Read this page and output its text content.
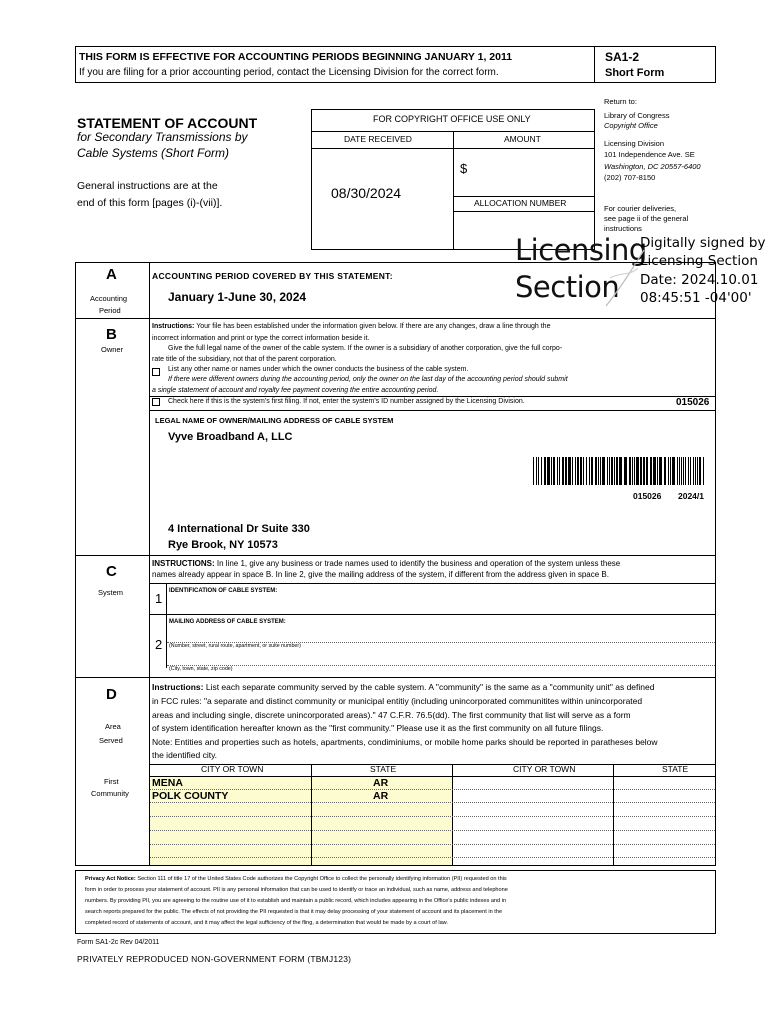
THIS FORM IS EFFECTIVE FOR ACCOUNTING PERIODS BEGINNING JANUARY 1, 2011
If you are filing for a prior accounting period, contact the Licensing Division for the correct form.
SA1-2
Short Form
STATEMENT OF ACCOUNT
for Secondary Transmissions by
Cable Systems (Short Form)
General instructions are at the
end of this form [pages (i)-(vii)].
FOR COPYRIGHT OFFICE USE ONLY
DATE RECEIVED	AMOUNT
$
08/30/2024
ALLOCATION NUMBER
Return to:
Library of Congress
Copyright Office
Licensing Division
101 Independence Ave. SE
Washington, DC 20557-6400
(202) 707-8150
For courier deliveries,
see page ii of the general
instructions
Licensing
Section
Digitally signed by
Licensing Section
Date: 2024.10.01
08:45:51 -04'00'
A
Accounting
Period
ACCOUNTING PERIOD COVERED BY THIS STATEMENT:
January 1-June 30, 2024
B
Owner
Instructions: Your file has been established under the information given below. If there are any changes, draw a line through the
incorrect information and print or type the correct information beside it.
Give the full legal name of the owner of the cable system. If the owner is a subsidiary of another corporation, give the full corpo-
rate title of the subsidiary, not that of the parent corporation.
List any other name or names under which the owner conducts the business of the cable system.
If there were different owners during the accounting period, only the owner on the last day of the accounting period should submit
a single statement of account and royalty fee payment covering the entire accounting period.
Check here if this is the system's first filing. If not, enter the system's ID number assigned by the Licensing Division.	015026
LEGAL NAME OF OWNER/MAILING ADDRESS OF CABLE SYSTEM
Vyve Broadband A, LLC
015026 2024/1
4 International Dr Suite 330
Rye Brook, NY 10573
C
System
INSTRUCTIONS: In line 1, give any business or trade names used to identify the business and operation of the system unless these
names already appear in space B. In line 2, give the mailing address of the system, if different from the address given in space B.
1 IDENTIFICATION OF CABLE SYSTEM:
MAILING ADDRESS OF CABLE SYSTEM:
2 (Number, street, rural route, apartment, or suite number)
(City, town, state, zip code)
D
Area
Served
First
Community
Instructions: List each separate community served by the cable system. A "community" is the same as a "community unit" as defined
in FCC rules: "a separate and distinct community or municipal entitiy (including unincorporated communitites within unincorporated
areas and including single, discrete unincorporated areas)." 47 C.F.R. 76.5(dd). The first community that list will serve as a form
of system identification hereafter known as the "first community." Please use it as the first community on all future filings.
Note: Entities and properties such as hotels, apartments, condiminiums, or mobile home parks should be reported in paratheses below
the identified city.
CITY OR TOWN	STATE	CITY OR TOWN	STATE
MENA	AR
POLK COUNTY	AR
Privacy Act Notice: Section 111 of title 17 of the United States Code authorizes the Copyright Office to collect the personally identifying information (PII) requested on this
form in order to process your statement of account. PII is any personal information that can be used to identify or trace an individual, such as name, address and telephone
numbers. By providing PII, you are agreeing to the routine use of it to establish and maintain a public record, which includes appearing in the Office's public indexes and in
search reports prepared for the public. The effects of not providing the PII requested is that it may delay processing of your statement of account and its placement in the
completed record of statements of account, and it may affect the legal sufficiency of the fling, a determination that would be made by a court of law.
Form SA1-2c Rev 04/2011
PRIVATELY REPRODUCED NON-GOVERNMENT FORM (TBMJ123)
